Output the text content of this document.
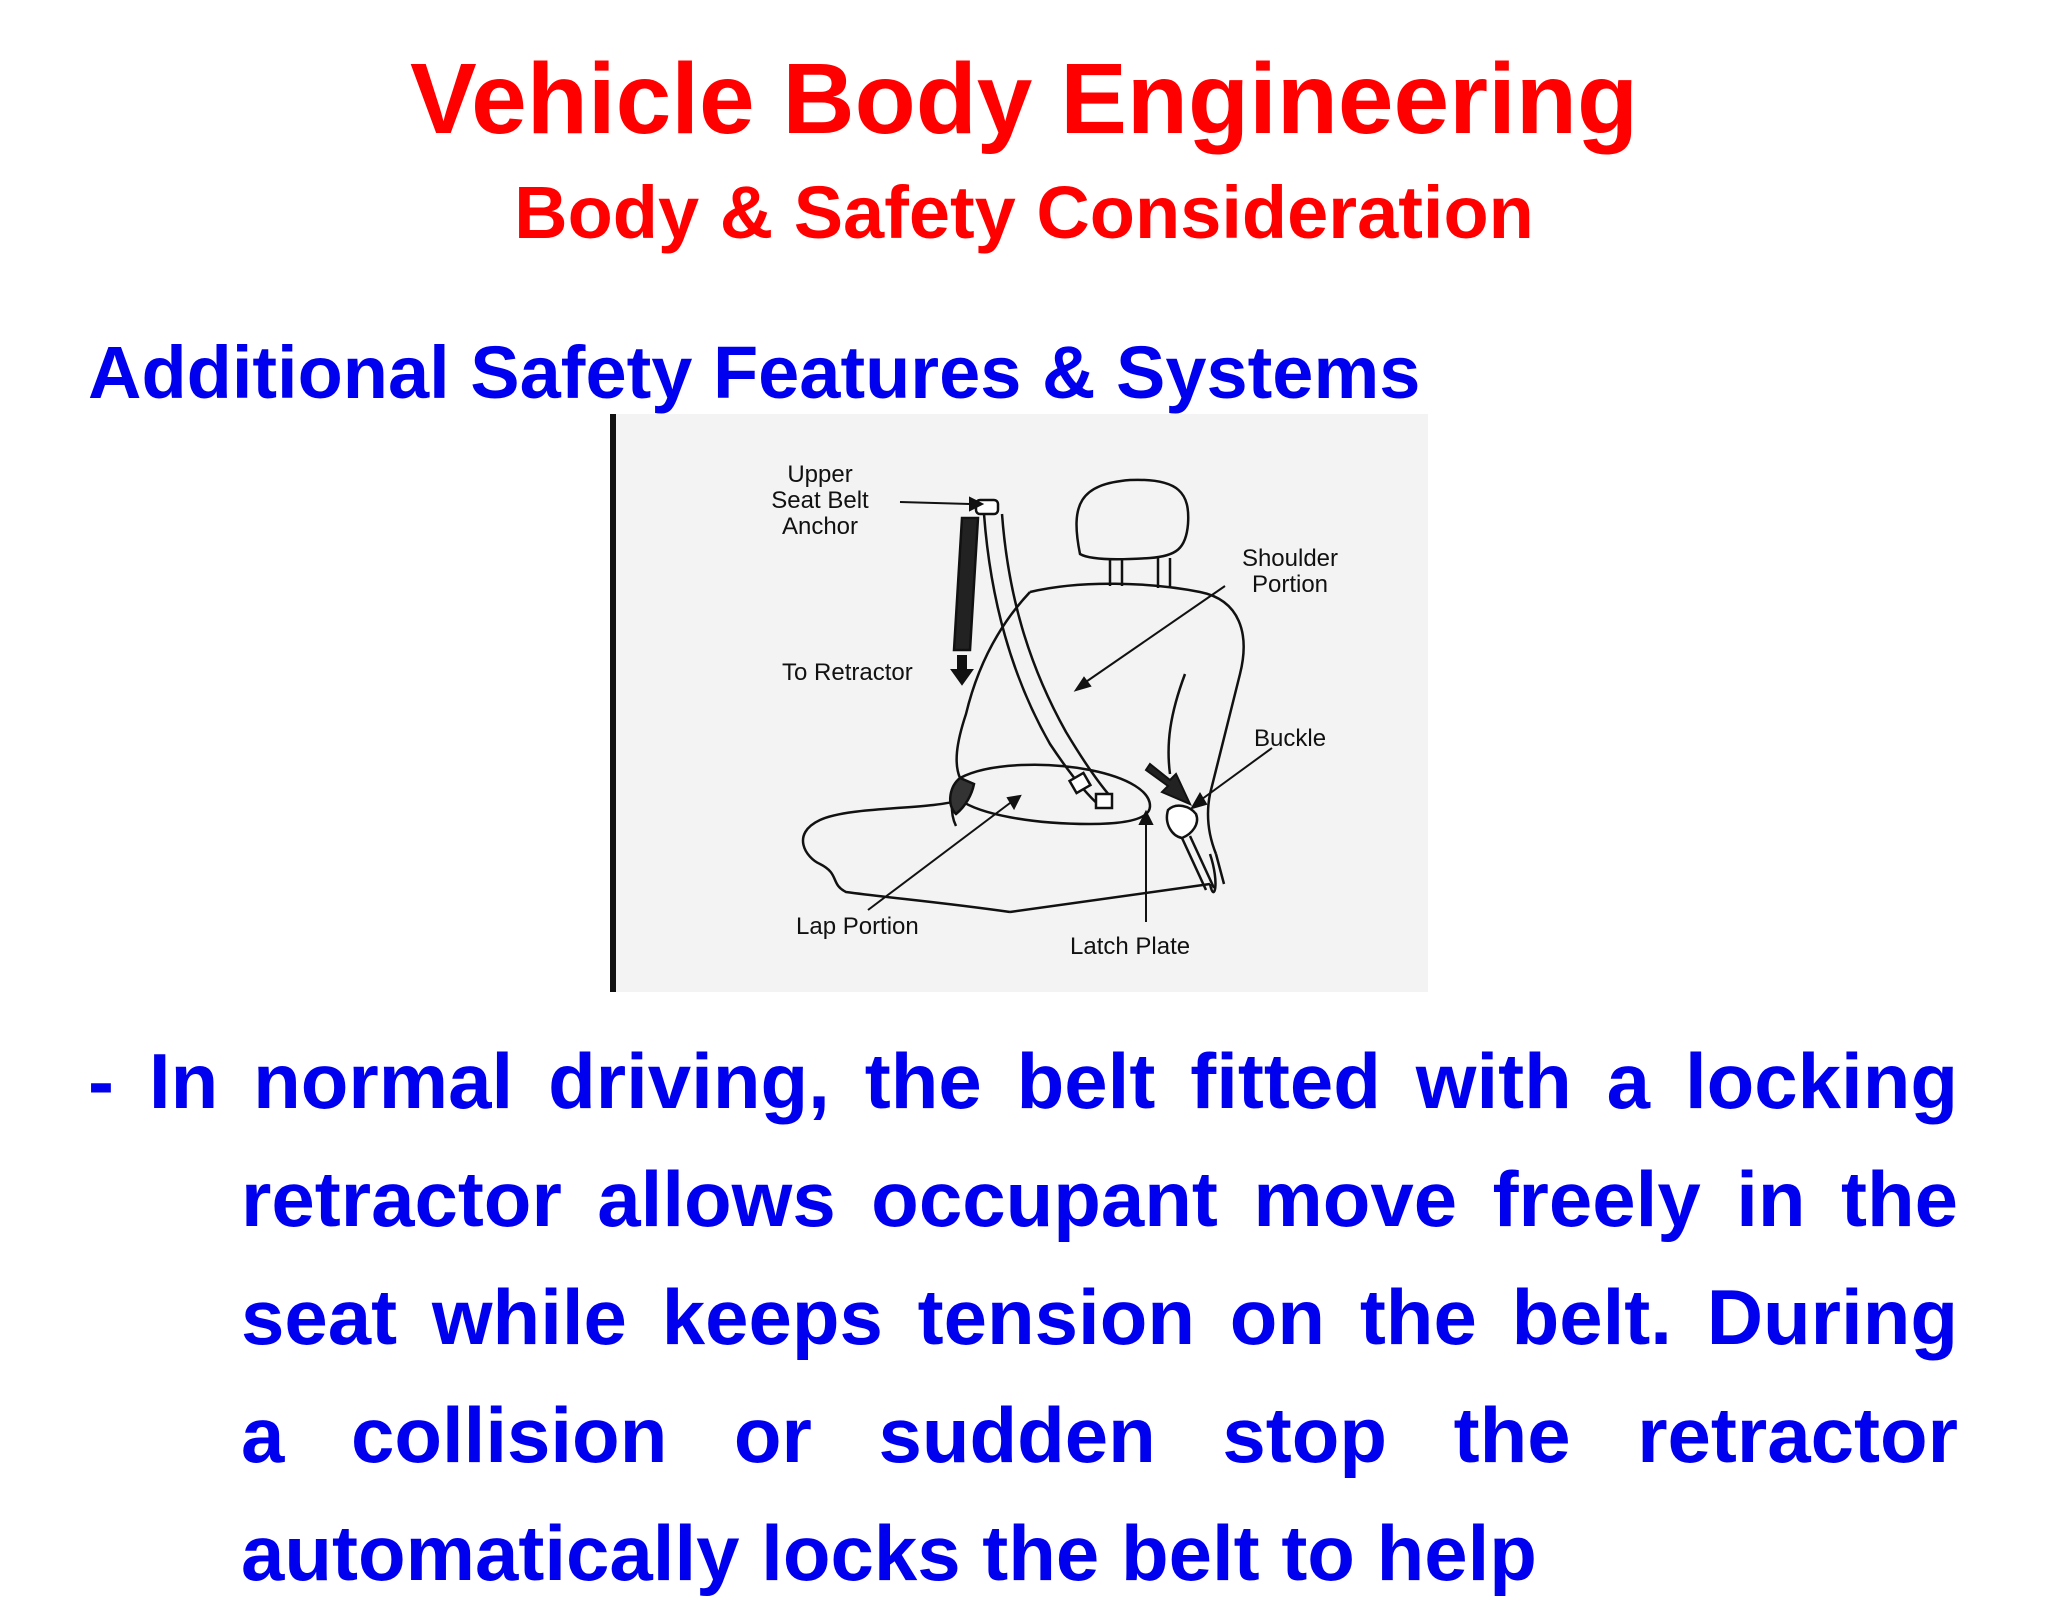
Vehicle Body Engineering
Body & Safety Consideration
Additional Safety Features & Systems
Upper
Seat Belt
Anchor
Shoulder
Portion
To Retractor
Buckle
Lap Portion
Latch Plate
- In normal driving, the belt fitted with a locking
retractor allows occupant move freely in the
seat while keeps tension on the belt. During
a collision or sudden stop the retractor
automatically locks the belt to help
